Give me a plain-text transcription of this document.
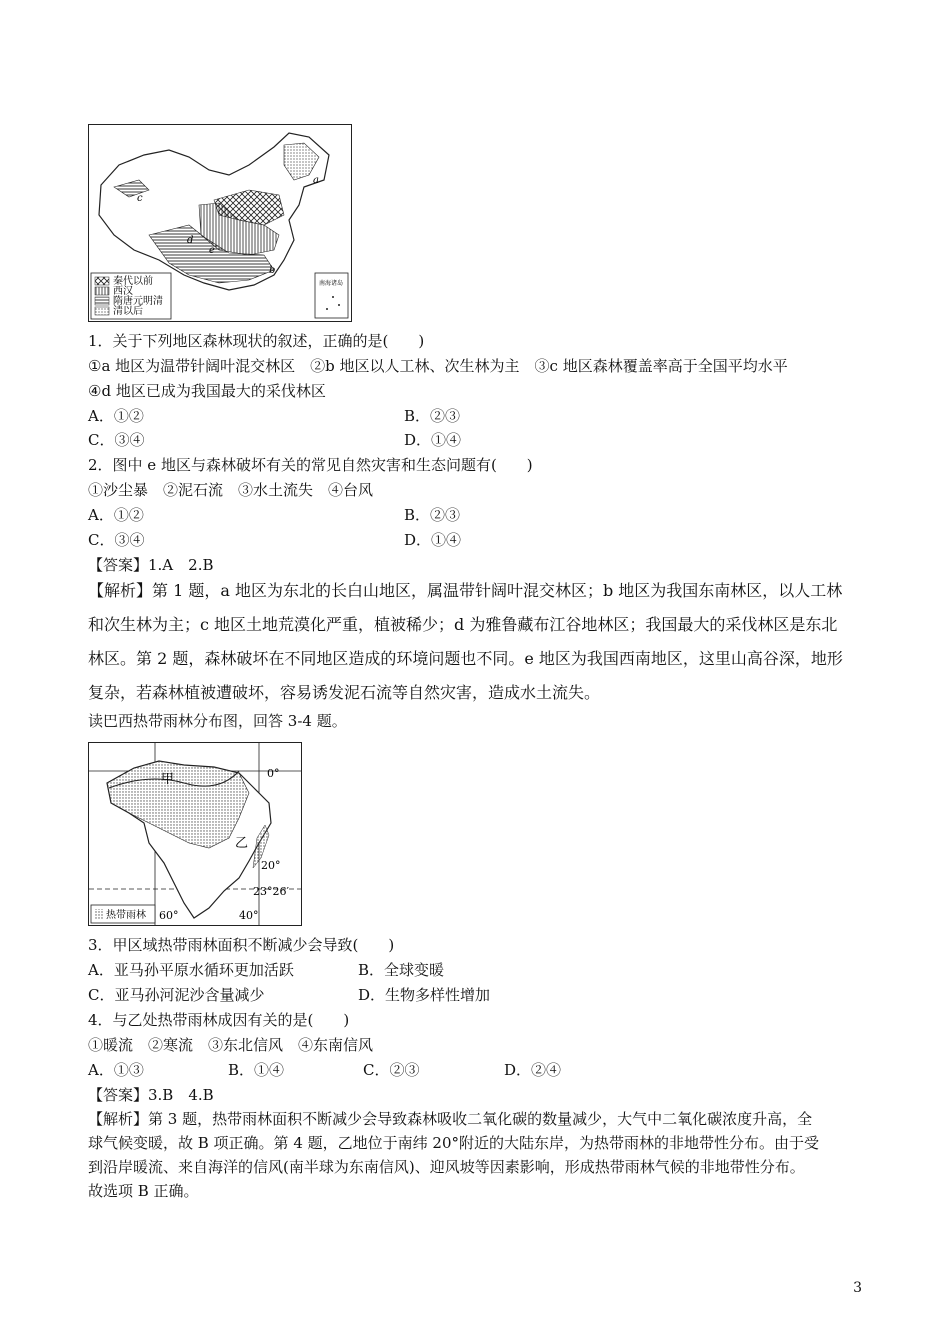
a
b
c
d
e
秦代以前
西汉
隋唐元明清
清以后
南海诸岛
1．关于下列地区森林现状的叙述，正确的是(　　)
①a 地区为温带针阔叶混交林区　②b 地区以人工林、次生林为主　③c 地区森林覆盖率高于全国平均水平
④d 地区已成为我国最大的采伐林区
A．①②	B．②③
C．③④	D．①④
2．图中 e 地区与森林破坏有关的常见自然灾害和生态问题有(　　)
①沙尘暴　②泥石流　③水土流失　④台风
A．①②	B．②③
C．③④	D．①④
【答案】1.A　2.B
【解析】第 1 题，a 地区为东北的长白山地区，属温带针阔叶混交林区；b 地区为我国东南林区，以人工林
和次生林为主；c 地区土地荒漠化严重，植被稀少；d 为雅鲁藏布江谷地林区；我国最大的采伐林区是东北
林区。第 2 题，森林破坏在不同地区造成的环境问题也不同。e 地区为我国西南地区，这里山高谷深，地形
复杂，若森林植被遭破坏，容易诱发泥石流等自然灾害，造成水土流失。
读巴西热带雨林分布图，回答 3-4 题。
甲
乙
0°
20°
23°26′
60°	40°
热带雨林
3．甲区域热带雨林面积不断减少会导致(　　)
A．亚马孙平原水循环更加活跃	B．全球变暖
C．亚马孙河泥沙含量减少	D．生物多样性增加
4．与乙处热带雨林成因有关的是(　　)
①暖流　②寒流　③东北信风　④东南信风
A．①③	B．①④	C．②③	D．②④
【答案】3.B　4.B
【解析】第 3 题，热带雨林面积不断减少会导致森林吸收二氧化碳的数量减少，大气中二氧化碳浓度升高，全
球气候变暖，故 B 项正确。第 4 题，乙地位于南纬 20°附近的大陆东岸，为热带雨林的非地带性分布。由于受
到沿岸暖流、来自海洋的信风(南半球为东南信风)、迎风坡等因素影响，形成热带雨林气候的非地带性分布。
故选项 B 正确。
3
